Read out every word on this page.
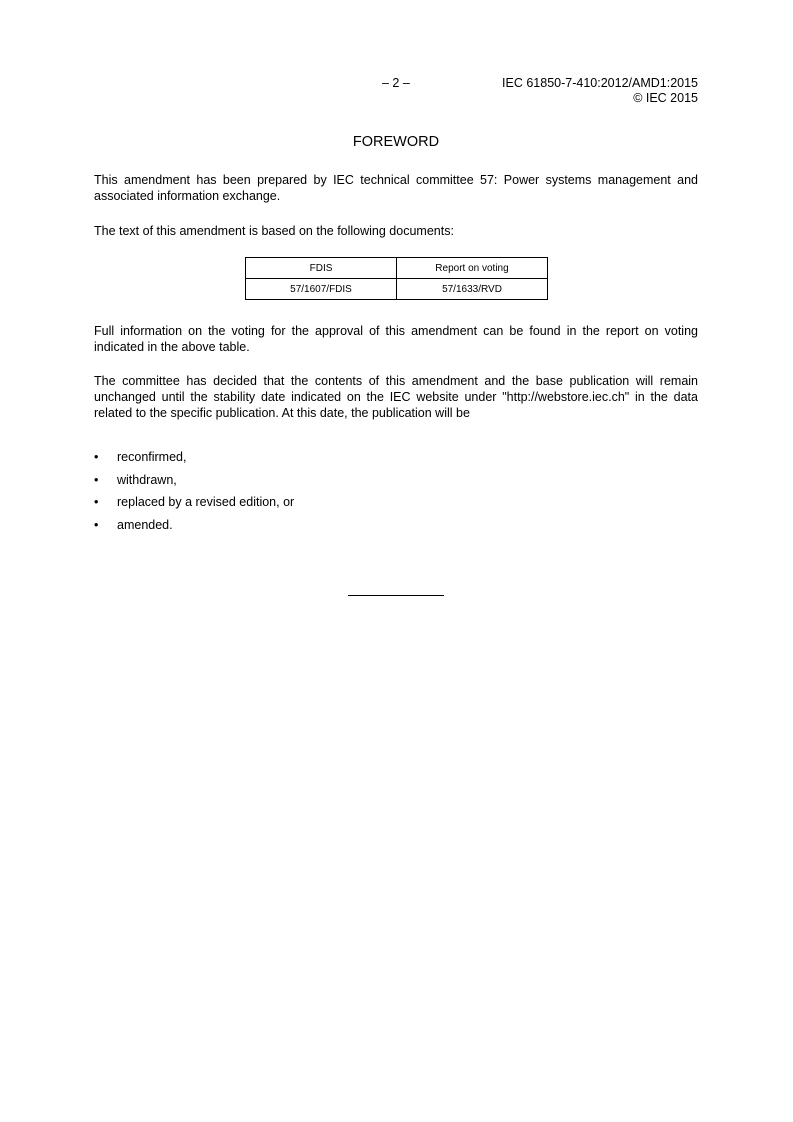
– 2 –	IEC 61850-7-410:2012/AMD1:2015
© IEC 2015
FOREWORD
This amendment has been prepared by IEC technical committee 57: Power systems management and associated information exchange.
The text of this amendment is based on the following documents:
FDIS	Report on voting
57/1607/FDIS	57/1633/RVD
Full information on the voting for the approval of this amendment can be found in the report on voting indicated in the above table.
The committee has decided that the contents of this amendment and the base publication will remain unchanged until the stability date indicated on the IEC website under "http://webstore.iec.ch" in the data related to the specific publication. At this date, the publication will be
• reconfirmed,
• withdrawn,
• replaced by a revised edition, or
• amended.
